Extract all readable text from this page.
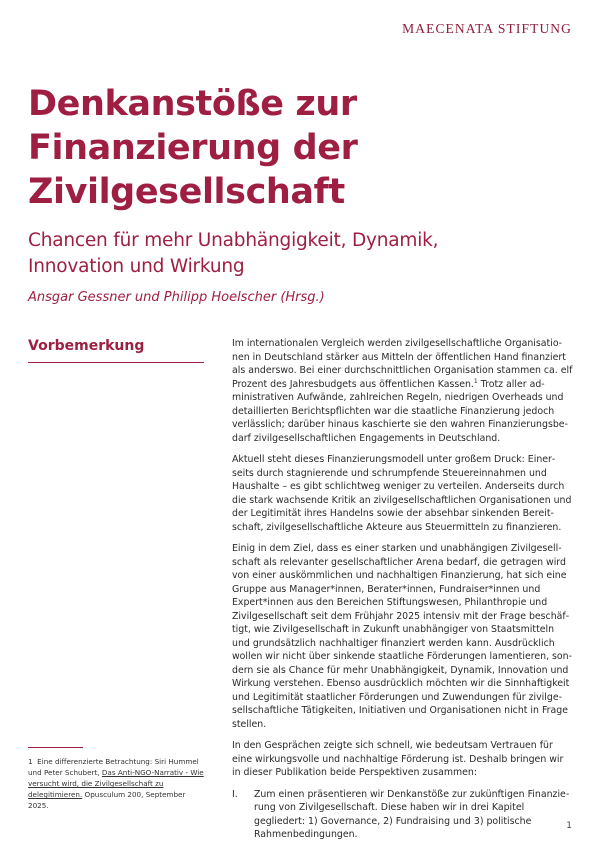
MAECENATA STIFTUNG
Denkanstöße zur Finanzierung der Zivilgesellschaft
Chancen für mehr Unabhängigkeit, Dynamik, Innovation und Wirkung
Ansgar Gessner und Philipp Hoelscher (Hrsg.)
Vorbemerkung	Im internationalen Vergleich werden zivilgesellschaftliche Organisationen in Deutschland stärker aus Mitteln der öffentlichen Hand finanziert als anderswo. Bei einer durchschnittlichen Organisation stammen ca. elf Prozent des Jahresbudgets aus öffentlichen Kassen.$^1$ Trotz aller administrativen Aufwände, zahlreichen Regeln, niedrigen Overheads und detaillierten Berichtspflichten war die staatliche Finanzierung jedoch verlässlich; darüber hinaus kaschierte sie den wahren Finanzierungsbedarf zivilgesellschaftlichen Engagements in Deutschland.

Aktuell steht dieses Finanzierungsmodell unter großem Druck: Einerseits durch stagnierende und schrumpfende Steuereinnahmen und Haushalte – es gibt schlichtweg weniger zu verteilen. Anderseits durch die stark wachsende Kritik an zivilgesellschaftlichen Organisationen und der Legitimität ihres Handelns sowie der absehbar sinkenden Bereitschaft, zivilgesellschaftliche Akteure aus Steuermitteln zu finanzieren.

Einig in dem Ziel, dass es einer starken und unabhängigen Zivilgesellschaft als relevanter gesellschaftlicher Arena bedarf, die getragen wird von einer auskömmlichen und nachhaltigen Finanzierung, hat sich eine Gruppe aus Manager*innen, Berater*innen, Fundraiser*innen und Expert*innen aus den Bereichen Stiftungswesen, Philanthropie und Zivilgesellschaft seit dem Frühjahr 2025 intensiv mit der Frage beschäftigt, wie Zivilgesellschaft in Zukunft unabhängiger von Staatsmitteln und grundsätzlich nachhaltiger finanziert werden kann. Ausdrücklich wollen wir nicht über sinkende staatliche Förderungen lamentieren, sondern sie als Chance für mehr Unabhängigkeit, Dynamik, Innovation und Wirkung verstehen. Ebenso ausdrücklich möchten wir die Sinnhaftigkeit und Legitimität staatlicher Förderungen und Zuwendungen für zivilgesellschaftliche Tätigkeiten, Initiativen und Organisationen nicht in Frage stellen.

In den Gesprächen zeigte sich schnell, wie bedeutsam Vertrauen für eine wirkungsvolle und nachhaltige Förderung ist. Deshalb bringen wir in dieser Publikation beide Perspektiven zusammen:

I.	Zum einen präsentieren wir Denkanstöße zur zukünftigen Finanzierung von Zivilgesellschaft. Diese haben wir in drei Kapitel gegliedert: 1) Governance, 2) Fundraising und 3) politische Rahmenbedingungen.
1 Eine differenzierte Betrachtung: Siri Hummel und Peter Schubert, Das Anti-NGO-Narrativ - Wie versucht wird, die Zivilgesellschaft zu delegitimieren. Opusculum 200, September 2025.
1
